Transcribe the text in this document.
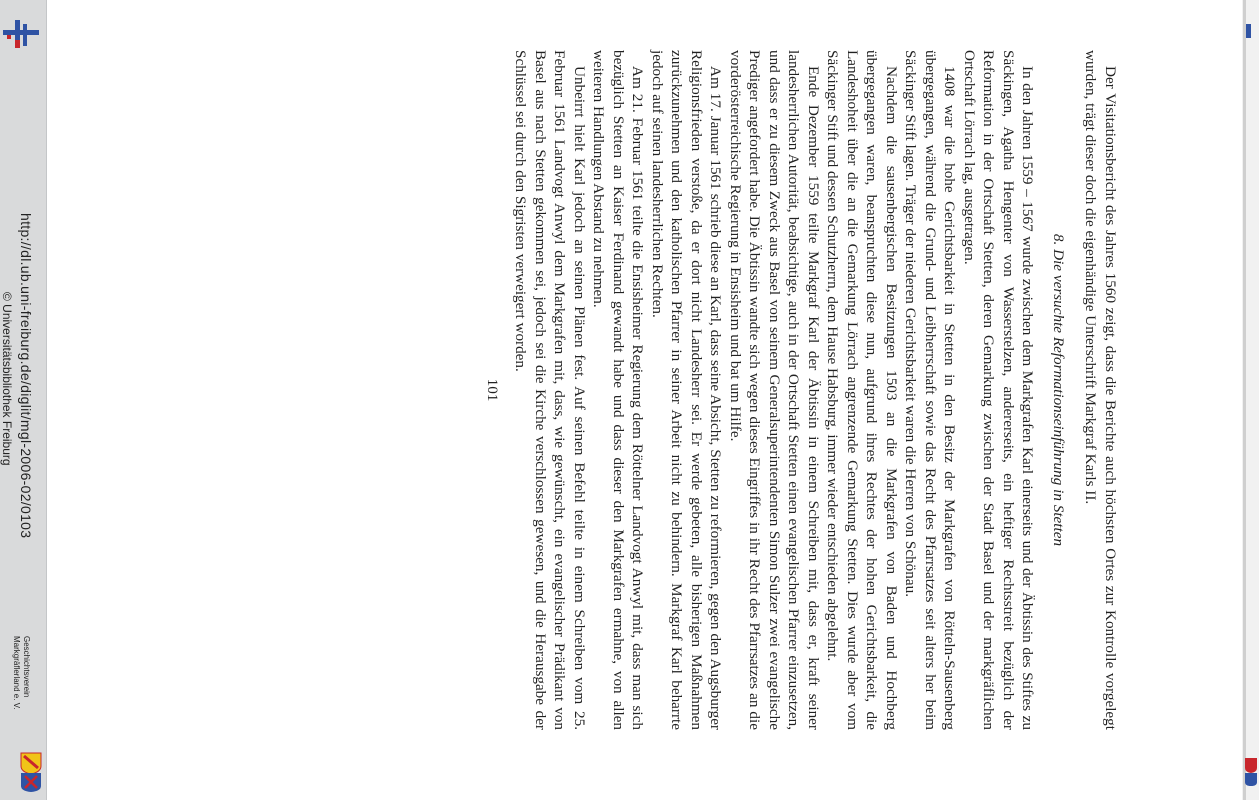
http://dl.ub.uni-freiburg.de/diglit/mgl-2006-02/0103
© Universitätsbibliothek Freiburg
Geschichtsverein
Markgräflerland e. V.	Der Visitationsbericht des Jahres 1560 zeigt, dass die Berichte auch höchsten Ortes zur Kontrolle vorgelegt wurden, trägt dieser doch die eigenhändige Unterschrift Markgraf Karls II.

8. Die versuchte Reformationseinführung in Stetten

In den Jahren 1559 – 1567 wurde zwischen dem Markgrafen Karl einerseits und der Äbtissin des Stiftes zu Säckingen, Agatha Hengenter von Wasserstelzen, andererseits, ein heftiger Rechtsstreit bezüglich der Reformation in der Ortschaft Stetten, deren Gemarkung zwischen der Stadt Basel und der markgräflichen Ortschaft Lörrach lag, ausgetragen.

1408 war die hohe Gerichtsbarkeit in Stetten in den Besitz der Markgrafen von Rötteln-Sausenberg übergegangen, während die Grund- und Leibherrschaft sowie das Recht des Pfarrsatzes seit alters her beim Säckinger Stift lagen. Träger der niederen Gerichtsbarkeit waren die Herren von Schönau.

Nachdem die sausenbergischen Besitzungen 1503 an die Markgrafen von Baden und Hochberg übergegangen waren, beanspruchten diese nun, aufgrund ihres Rechtes der hohen Gerichtsbarkeit, die Landeshoheit über die an die Gemarkung Lörrach angrenzende Gemarkung Stetten. Dies wurde aber vom Säckinger Stift und dessen Schutzherrn, dem Hause Habsburg, immer wieder entschieden abgelehnt.

Ende Dezember 1559 teilte Markgraf Karl der Äbtissin in einem Schreiben mit, dass er, kraft seiner landesherrlichen Autorität, beabsichtige, auch in der Ortschaft Stetten einen evangelischen Pfarrer einzusetzen, und dass er zu diesem Zweck aus Basel von seinem Generalsuperintendenten Simon Sulzer zwei evangelische Prediger angefordert habe. Die Äbtissin wandte sich wegen dieses Eingriffes in ihr Recht des Pfarrsatzes an die vorderösterreichische Regierung in Ensisheim und bat um Hilfe.

Am 17. Januar 1561 schrieb diese an Karl, dass seine Absicht, Stetten zu reformieren, gegen den Augsburger Religionsfrieden verstoße, da er dort nicht Landesherr sei. Er werde gebeten, alle bisherigen Maßnahmen zurückzunehmen und den katholischen Pfarrer in seiner Arbeit nicht zu behindern. Markgraf Karl beharrte jedoch auf seinen landesherrlichen Rechten.

Am 21. Februar 1561 teilte die Ensisheimer Regierung dem Röttelner Landvogt Anwyl mit, dass man sich bezüglich Stetten an Kaiser Ferdinand gewandt habe und dass dieser den Markgrafen ermahne, von allen weiteren Handlungen Abstand zu nehmen.

Unbeirrt hielt Karl jedoch an seinen Plänen fest. Auf seinen Befehl teilte in einem Schreiben vom 25. Februar 1561 Landvogt Anwyl dem Markgrafen mit, dass, wie gewünscht, ein evangelischer Prädikant von Basel aus nach Stetten gekommen sei, jedoch sei die Kirche verschlossen gewesen, und die Herausgabe der Schlüssel sei durch den Sigristen verweigert worden.

101
